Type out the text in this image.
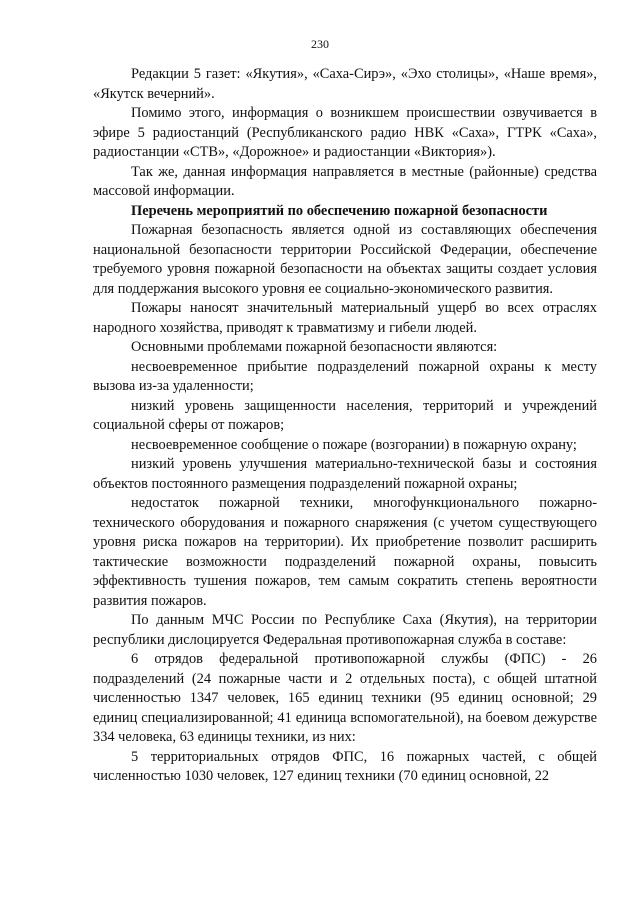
230

Редакции 5 газет: «Якутия», «Саха-Сирэ», «Эхо столицы», «Наше время», «Якутск вечерний».

Помимо этого, информация о возникшем происшествии озвучивается в эфире 5 радиостанций (Республиканского радио НВК «Саха», ГТРК «Саха», радиостанции «СТВ», «Дорожное» и радиостанции «Виктория»).

Так же, данная информация направляется в местные (районные) средства массовой информации.

Перечень мероприятий по обеспечению пожарной безопасности

Пожарная безопасность является одной из составляющих обеспечения национальной безопасности территории Российской Федерации, обеспечение требуемого уровня пожарной безопасности на объектах защиты создает условия для поддержания высокого уровня ее социально-экономического развития.

Пожары наносят значительный материальный ущерб во всех отраслях народного хозяйства, приводят к травматизму и гибели людей.

Основными проблемами пожарной безопасности являются:

несвоевременное прибытие подразделений пожарной охраны к месту вызова из-за удаленности;

низкий уровень защищенности населения, территорий и учреждений социальной сферы от пожаров;

несвоевременное сообщение о пожаре (возгорании) в пожарную охрану;

низкий уровень улучшения материально-технической базы и состояния объектов постоянного размещения подразделений пожарной охраны;

недостаток пожарной техники, многофункционального пожарно-технического оборудования и пожарного снаряжения (с учетом существующего уровня риска пожаров на территории). Их приобретение позволит расширить тактические возможности подразделений пожарной охраны, повысить эффективность тушения пожаров, тем самым сократить степень вероятности развития пожаров.

По данным МЧС России по Республике Саха (Якутия), на территории республики дислоцируется Федеральная противопожарная служба в составе:

6 отрядов федеральной противопожарной службы (ФПС) - 26 подразделений (24 пожарные части и 2 отдельных поста), с общей штатной численностью 1347 человек, 165 единиц техники (95 единиц основной; 29 единиц специализированной; 41 единица вспомогательной), на боевом дежурстве 334 человека, 63 единицы техники, из них:

5 территориальных отрядов ФПС, 16 пожарных частей, с общей численностью 1030 человек, 127 единиц техники (70 единиц основной, 22
